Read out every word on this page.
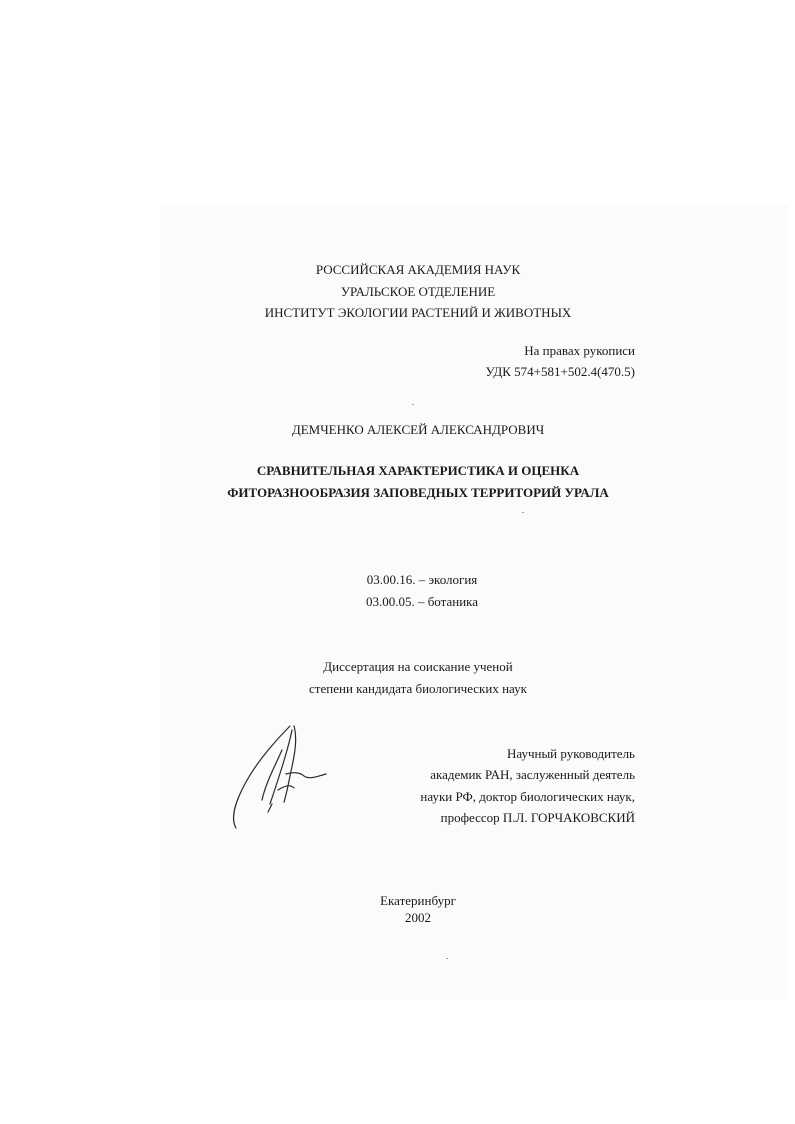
РОССИЙСКАЯ АКАДЕМИЯ НАУК
УРАЛЬСКОЕ ОТДЕЛЕНИЕ
ИНСТИТУТ ЭКОЛОГИИ РАСТЕНИЙ И ЖИВОТНЫХ
На правах рукописи
УДК 574+581+502.4(470.5)
ДЕМЧЕНКО АЛЕКСЕЙ АЛЕКСАНДРОВИЧ
СРАВНИТЕЛЬНАЯ ХАРАКТЕРИСТИКА И ОЦЕНКА
ФИТОРАЗНООБРАЗИЯ ЗАПОВЕДНЫХ ТЕРРИТОРИЙ УРАЛА
03.00.16. – экология
03.00.05. – ботаника
Диссертация на соискание ученой
степени кандидата биологических наук
Научный руководитель
академик РАН, заслуженный деятель
науки РФ, доктор биологических наук,
профессор П.Л. ГОРЧАКОВСКИЙ
Екатеринбург
2002
